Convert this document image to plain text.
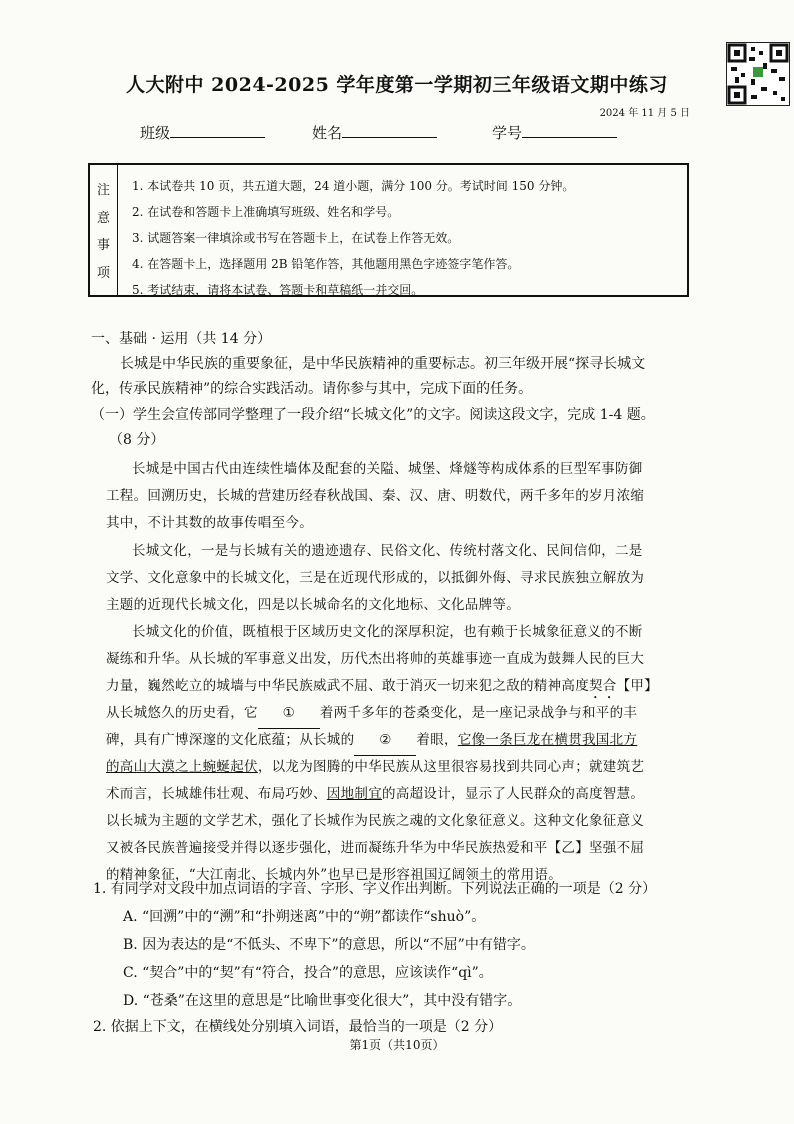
人大附中 2024-2025 学年度第一学期初三年级语文期中练习
2024 年 11 月 5 日
班级	姓名	学号
注
意
事
项
1. 本试卷共 10 页，共五道大题，24 道小题，满分 100 分。考试时间 150 分钟。
2. 在试卷和答题卡上准确填写班级、姓名和学号。
3. 试题答案一律填涂或书写在答题卡上，在试卷上作答无效。
4. 在答题卡上，选择题用 2B 铅笔作答，其他题用黑色字迹签字笔作答。
5. 考试结束，请将本试卷、答题卡和草稿纸一并交回。
一、基础 · 运用（共 14 分）
长城是中华民族的重要象征，是中华民族精神的重要标志。初三年级开展“探寻长城文
化，传承民族精神”的综合实践活动。请你参与其中，完成下面的任务。
（一）学生会宣传部同学整理了一段介绍“长城文化”的文字。阅读这段文字，完成 1-4 题。
（8 分）
长城是中国古代由连续性墙体及配套的关隘、城堡、烽燧等构成体系的巨型军事防御
工程。回溯历史，长城的营建历经春秋战国、秦、汉、唐、明数代，两千多年的岁月浓缩
其中，不计其数的故事传唱至今。
长城文化，一是与长城有关的遗迹遗存、民俗文化、传统村落文化、民间信仰，二是
文学、文化意象中的长城文化，三是在近现代形成的，以抵御外侮、寻求民族独立解放为
主题的近现代长城文化，四是以长城命名的文化地标、文化品牌等。
长城文化的价值，既植根于区域历史文化的深厚积淀，也有赖于长城象征意义的不断
凝练和升华。从长城的军事意义出发，历代杰出将帅的英雄事迹一直成为鼓舞人民的巨大
力量，巍然屹立的城墙与中华民族威武不屈、敢于消灭一切来犯之敌的精神高度契合【甲】
从长城悠久的历史看，它 ① 着两千多年的苍桑变化，是一座记录战争与和平的丰
碑，具有广博深邃的文化底蕴；从长城的 ② 着眼，它像一条巨龙在横贯我国北方
的高山大漠之上蜿蜒起伏，以龙为图腾的中华民族从这里很容易找到共同心声；就建筑艺
术而言，长城雄伟壮观、布局巧妙、因地制宜的高超设计，显示了人民群众的高度智慧。
以长城为主题的文学艺术，强化了长城作为民族之魂的文化象征意义。这种文化象征意义
又被各民族普遍接受并得以逐步强化，进而凝练升华为中华民族热爱和平【乙】坚强不屈
的精神象征，“大江南北、长城内外”也早已是形容祖国辽阔领土的常用语。
1. 有同学对文段中加点词语的字音、字形、字义作出判断。下列说法正确的一项是（2 分）
A. “回溯”中的“溯”和“扑朔迷离”中的“朔”都读作“shuò”。
B. 因为表达的是“不低头、不卑下”的意思，所以“不屈”中有错字。
C. “契合”中的“契”有“符合，投合”的意思，应该读作“qì”。
D. “苍桑”在这里的意思是“比喻世事变化很大”，其中没有错字。
2. 依据上下文，在横线处分别填入词语，最恰当的一项是（2 分）
第1页（共10页）
